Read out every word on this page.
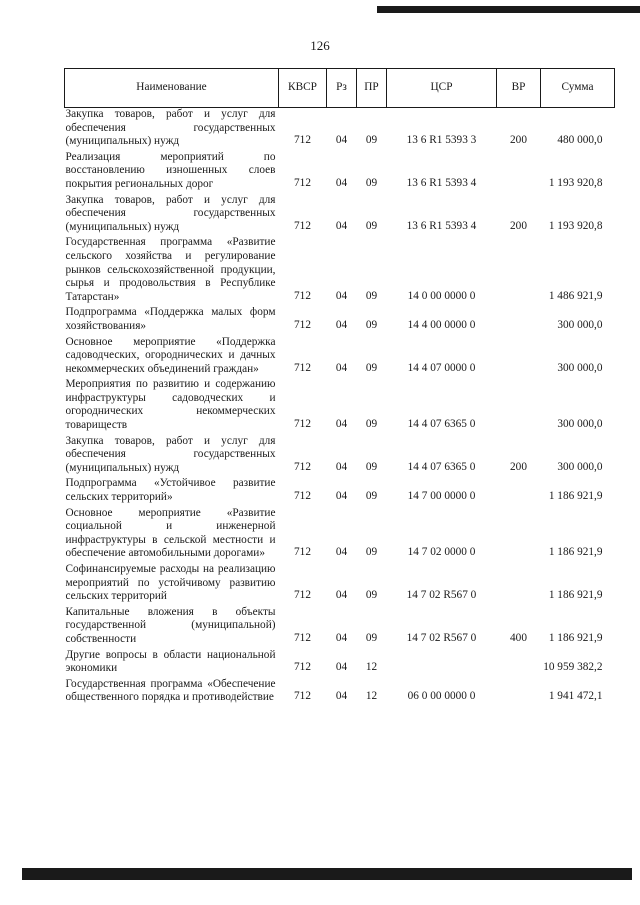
126
Наименование	КВСР	Рз	ПР	ЦСР	ВР	Сумма
Закупка товаров, работ и услуг для обеспечения государственных (муниципальных) нужд	712	04	09	13 6 R1 5393 3	200	480 000,0
Реализация мероприятий по восстановлению изношенных слоев покрытия региональных дорог	712	04	09	13 6 R1 5393 4		1 193 920,8
Закупка товаров, работ и услуг для обеспечения государственных (муниципальных) нужд	712	04	09	13 6 R1 5393 4	200	1 193 920,8
Государственная программа «Развитие сельского хозяйства и регулирование рынков сельскохозяйственной продукции, сырья и продовольствия в Республике Татарстан»	712	04	09	14 0 00 0000 0		1 486 921,9
Подпрограмма «Поддержка малых форм хозяйствования»	712	04	09	14 4 00 0000 0		300 000,0
Основное мероприятие «Поддержка садоводческих, огороднических и дачных некоммерческих объединений граждан»	712	04	09	14 4 07 0000 0		300 000,0
Мероприятия по развитию и содержанию инфраструктуры садоводческих и огороднических некоммерческих товариществ	712	04	09	14 4 07 6365 0		300 000,0
Закупка товаров, работ и услуг для обеспечения государственных (муниципальных) нужд	712	04	09	14 4 07 6365 0	200	300 000,0
Подпрограмма «Устойчивое развитие сельских территорий»	712	04	09	14 7 00 0000 0		1 186 921,9
Основное мероприятие «Развитие социальной и инженерной инфраструктуры в сельской местности и обеспечение автомобильными дорогами»	712	04	09	14 7 02 0000 0		1 186 921,9
Софинансируемые расходы на реализацию мероприятий по устойчивому развитию сельских территорий	712	04	09	14 7 02 R567 0		1 186 921,9
Капитальные вложения в объекты государственной (муниципальной) собственности	712	04	09	14 7 02 R567 0	400	1 186 921,9
Другие вопросы в области национальной экономики	712	04	12			10 959 382,2
Государственная программа «Обеспечение общественного порядка и противодействие	712	04	12	06 0 00 0000 0		1 941 472,1
